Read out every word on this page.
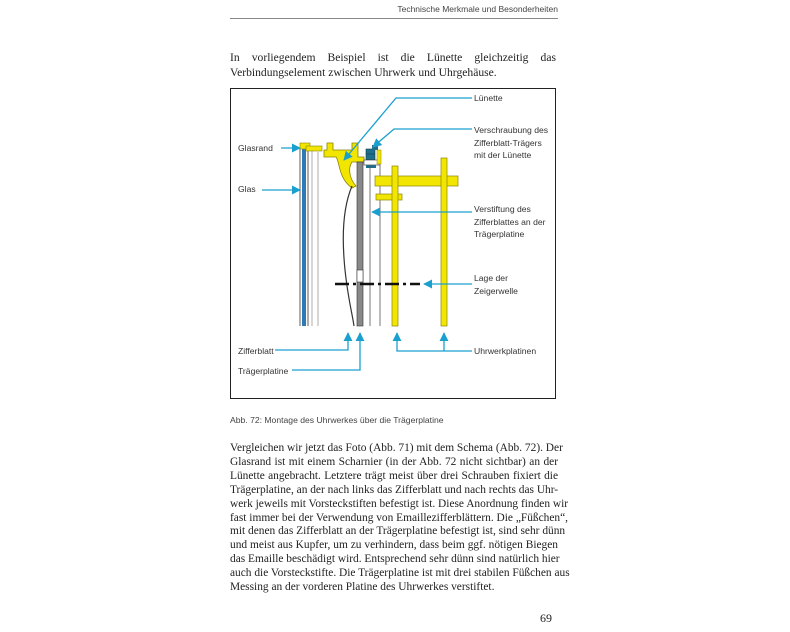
Technische Merkmale und Besonderheiten
In vorliegendem Beispiel ist die Lünette gleichzeitig das Verbindungselement zwischen Uhrwerk und Uhrgehäuse.
Lünette
Verschraubung des
Zifferblatt-Trägers
mit der Lünette
Glasrand
Glas
Verstiftung des
Zifferblattes an der
Trägerplatine
Lage der
Zeigerwelle
Zifferblatt	Uhrwerkplatinen
Trägerplatine
Abb. 72: Montage des Uhrwerkes über die Trägerplatine
Vergleichen wir jetzt das Foto (Abb. 71) mit dem Schema (Abb. 72). Der
Glasrand ist mit einem Scharnier (in der Abb. 72 nicht sichtbar) an der
Lünette angebracht. Letztere trägt meist über drei Schrauben fixiert die
Trägerplatine, an der nach links das Zifferblatt und nach rechts das Uhr-
werk jeweils mit Vorsteckstiften befestigt ist. Diese Anordnung finden wir
fast immer bei der Verwendung von Emaillezifferblättern. Die „Füßchen“,
mit denen das Zifferblatt an der Trägerplatine befestigt ist, sind sehr dünn
und meist aus Kupfer, um zu verhindern, dass beim ggf. nötigen Biegen
das Emaille beschädigt wird. Entsprechend sehr dünn sind natürlich hier
auch die Vorsteckstifte. Die Trägerplatine ist mit drei stabilen Füßchen aus
Messing an der vorderen Platine des Uhrwerkes verstiftet.
69
